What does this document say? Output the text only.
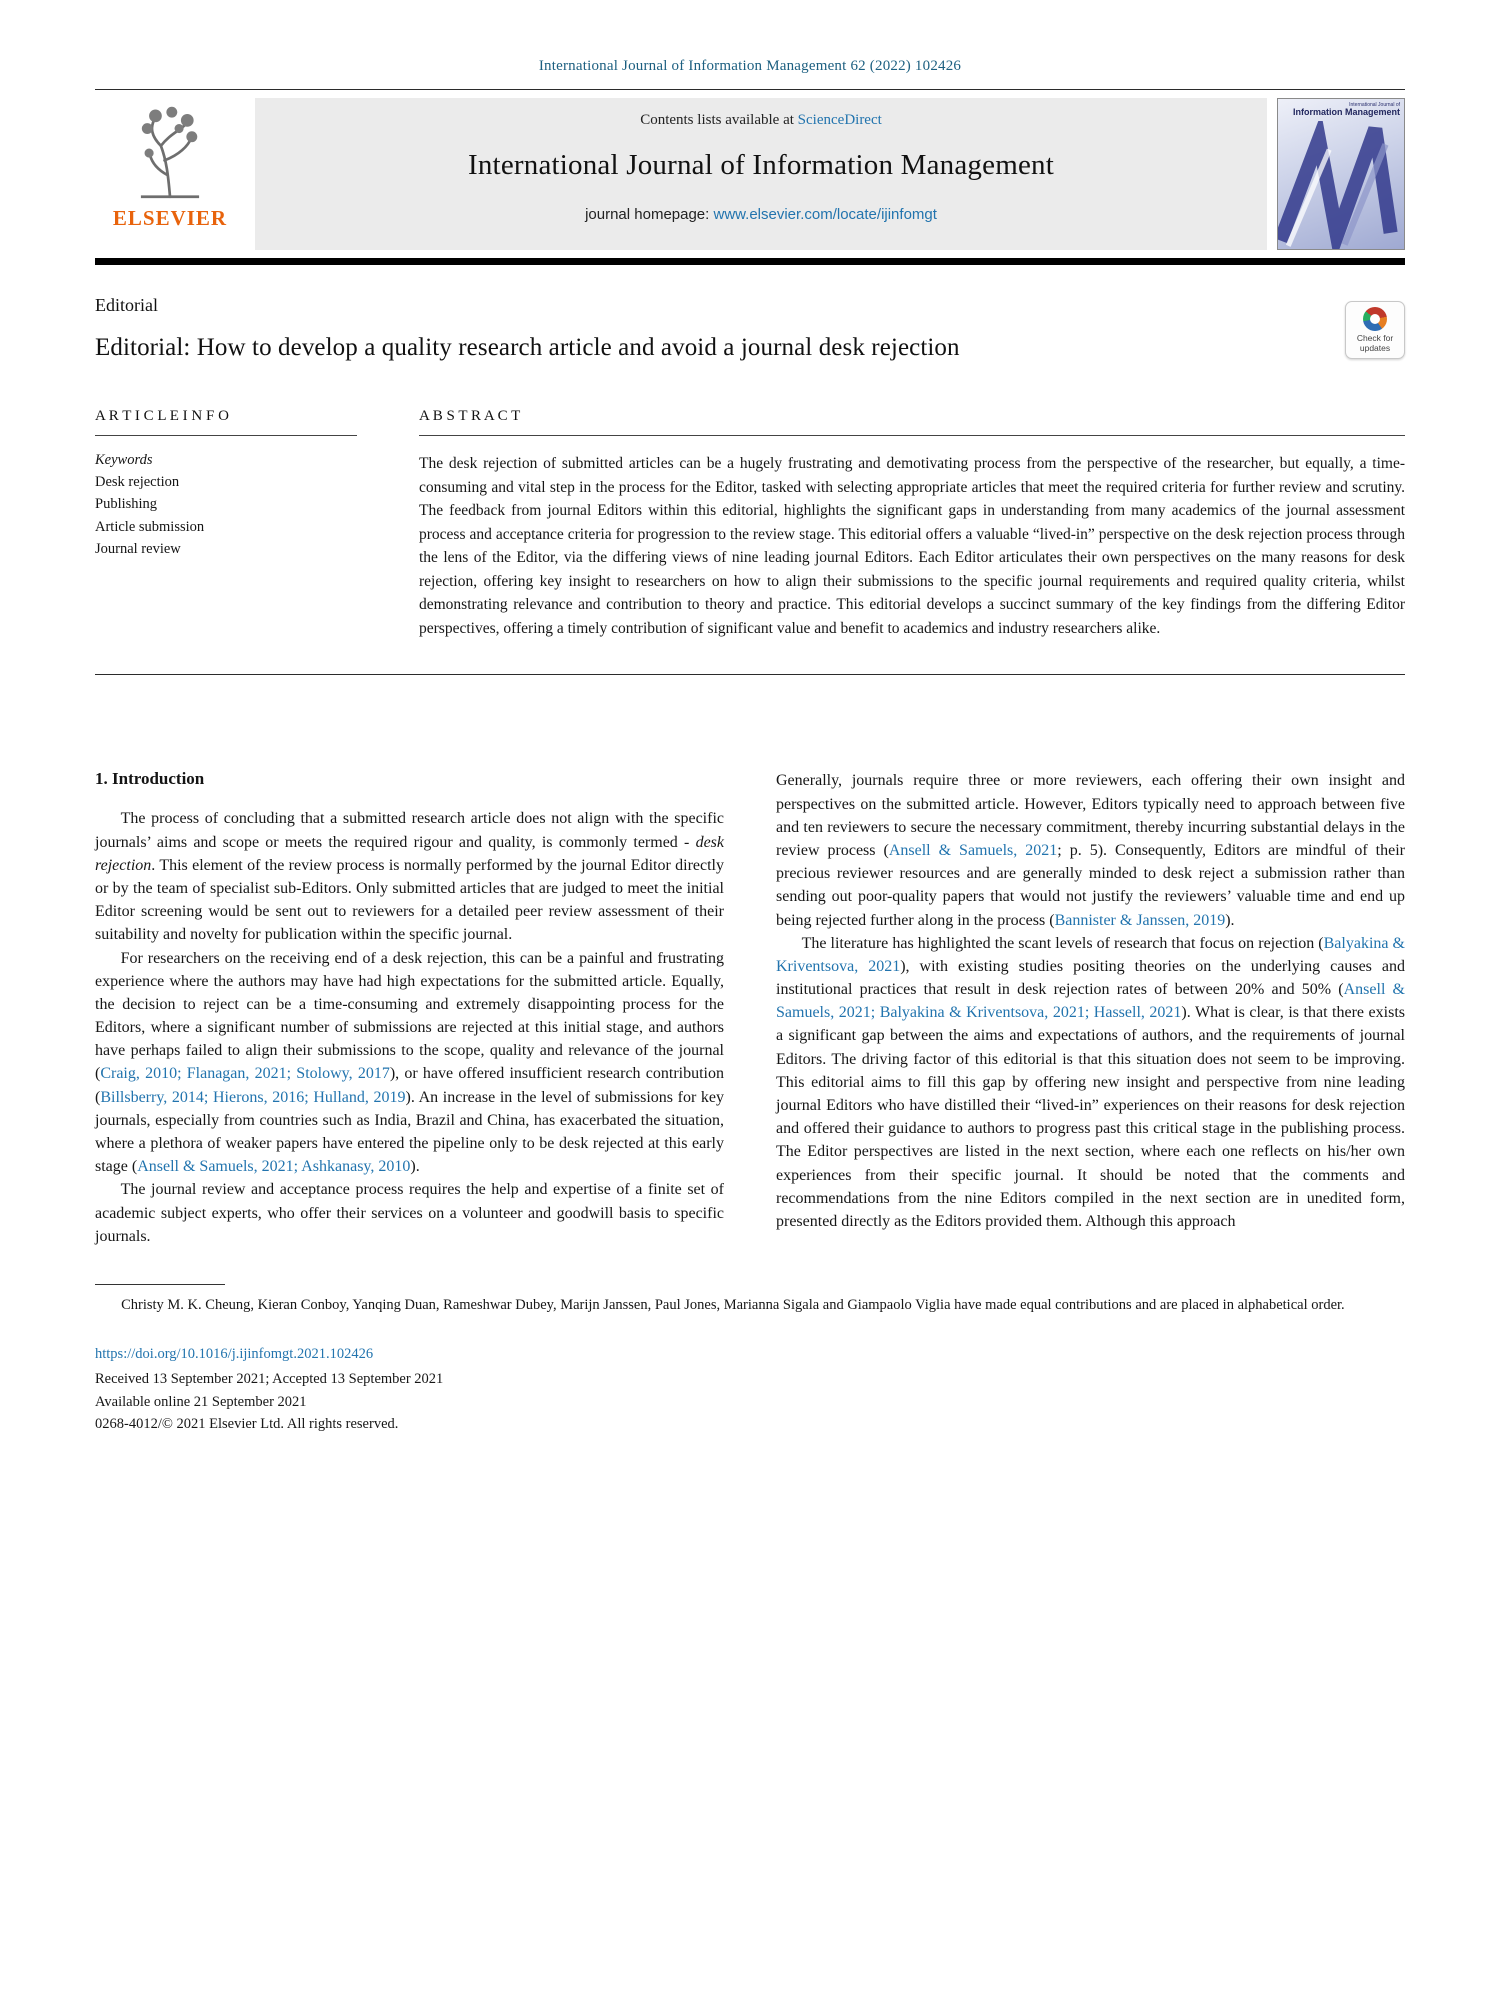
International Journal of Information Management 62 (2022) 102426
ELSEVIER
Contents lists available at ScienceDirect
International Journal of Information Management
journal homepage: www.elsevier.com/locate/ijinfomgt
International Journal of
Information Management
Editorial
Editorial: How to develop a quality research article and avoid a journal desk rejection	Check for updates
A R T I C L E I N F O
Keywords
Desk rejection
Publishing
Article submission
Journal review
A B S T R A C T

The desk rejection of submitted articles can be a hugely frustrating and demotivating process from the perspective of the researcher, but equally, a time-consuming and vital step in the process for the Editor, tasked with selecting appropriate articles that meet the required criteria for further review and scrutiny. The feedback from journal Editors within this editorial, highlights the significant gaps in understanding from many academics of the journal assessment process and acceptance criteria for progression to the review stage. This editorial offers a valuable “lived-in” perspective on the desk rejection process through the lens of the Editor, via the differing views of nine leading journal Editors. Each Editor articulates their own perspectives on the many reasons for desk rejection, offering key insight to researchers on how to align their submissions to the specific journal requirements and required quality criteria, whilst demonstrating relevance and contribution to theory and practice. This editorial develops a succinct summary of the key findings from the differing Editor perspectives, offering a timely contribution of significant value and benefit to academics and industry researchers alike.

1. Introduction

The process of concluding that a submitted research article does not align with the specific journals’ aims and scope or meets the required rigour and quality, is commonly termed - desk rejection. This element of the review process is normally performed by the journal Editor directly or by the team of specialist sub-Editors. Only submitted articles that are judged to meet the initial Editor screening would be sent out to reviewers for a detailed peer review assessment of their suitability and novelty for publication within the specific journal.

For researchers on the receiving end of a desk rejection, this can be a painful and frustrating experience where the authors may have had high expectations for the submitted article. Equally, the decision to reject can be a time-consuming and extremely disappointing process for the Editors, where a significant number of submissions are rejected at this initial stage, and authors have perhaps failed to align their submissions to the scope, quality and relevance of the journal (Craig, 2010; Flanagan, 2021; Stolowy, 2017), or have offered insufficient research contribution (Billsberry, 2014; Hierons, 2016; Hulland, 2019). An increase in the level of submissions for key journals, especially from countries such as India, Brazil and China, has exacerbated the situation, where a plethora of weaker papers have entered the pipeline only to be desk rejected at this early stage (Ansell & Samuels, 2021; Ashkanasy, 2010).

The journal review and acceptance process requires the help and expertise of a finite set of academic subject experts, who offer their services on a volunteer and goodwill basis to specific journals.

Generally, journals require three or more reviewers, each offering their own insight and perspectives on the submitted article. However, Editors typically need to approach between five and ten reviewers to secure the necessary commitment, thereby incurring substantial delays in the review process (Ansell & Samuels, 2021; p. 5). Consequently, Editors are mindful of their precious reviewer resources and are generally minded to desk reject a submission rather than sending out poor-quality papers that would not justify the reviewers’ valuable time and end up being rejected further along in the process (Bannister & Janssen, 2019).

The literature has highlighted the scant levels of research that focus on rejection (Balyakina & Kriventsova, 2021), with existing studies positing theories on the underlying causes and institutional practices that result in desk rejection rates of between 20% and 50% (Ansell & Samuels, 2021; Balyakina & Kriventsova, 2021; Hassell, 2021). What is clear, is that there exists a significant gap between the aims and expectations of authors, and the requirements of journal Editors. The driving factor of this editorial is that this situation does not seem to be improving. This editorial aims to fill this gap by offering new insight and perspective from nine leading journal Editors who have distilled their “lived-in” experiences on their reasons for desk rejection and offered their guidance to authors to progress past this critical stage in the publishing process. The Editor perspectives are listed in the next section, where each one reflects on his/her own experiences from their specific journal. It should be noted that the comments and recommendations from the nine Editors compiled in the next section are in unedited form, presented directly as the Editors provided them. Although this approach

Christy M. K. Cheung, Kieran Conboy, Yanqing Duan, Rameshwar Dubey, Marijn Janssen, Paul Jones, Marianna Sigala and Giampaolo Viglia have made equal contributions and are placed in alphabetical order.

https://doi.org/10.1016/j.ijinfomgt.2021.102426
Received 13 September 2021; Accepted 13 September 2021
Available online 21 September 2021
0268-4012/© 2021 Elsevier Ltd. All rights reserved.
